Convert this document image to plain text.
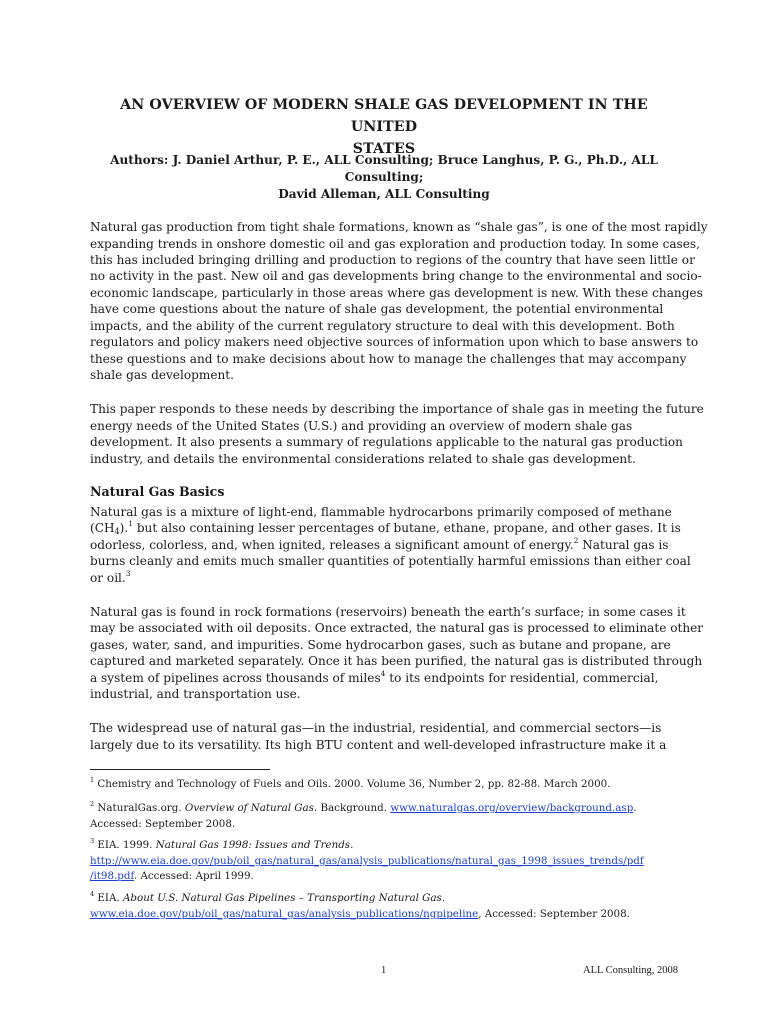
AN OVERVIEW OF MODERN SHALE GAS DEVELOPMENT IN THE UNITED
STATES
Authors: J. Daniel Arthur, P. E., ALL Consulting; Bruce Langhus, P. G., Ph.D., ALL Consulting;
David Alleman, ALL Consulting
Natural gas production from tight shale formations, known as “shale gas”, is one of the most rapidly
expanding trends in onshore domestic oil and gas exploration and production today. In some cases,
this has included bringing drilling and production to regions of the country that have seen little or
no activity in the past. New oil and gas developments bring change to the environmental and socio-
economic landscape, particularly in those areas where gas development is new. With these changes
have come questions about the nature of shale gas development, the potential environmental
impacts, and the ability of the current regulatory structure to deal with this development. Both
regulators and policy makers need objective sources of information upon which to base answers to
these questions and to make decisions about how to manage the challenges that may accompany
shale gas development.
This paper responds to these needs by describing the importance of shale gas in meeting the future
energy needs of the United States (U.S.) and providing an overview of modern shale gas
development. It also presents a summary of regulations applicable to the natural gas production
industry, and details the environmental considerations related to shale gas development.
Natural Gas Basics
Natural gas is a mixture of light-end, flammable hydrocarbons primarily composed of methane
$(CH_4).^1$ but also containing lesser percentages of butane, ethane, propane, and other gases. It is
odorless, colorless, and, when ignited, releases a significant amount of energy.$^2$ Natural gas is
burns cleanly and emits much smaller quantities of potentially harmful emissions than either coal
or oil.$^3$
Natural gas is found in rock formations (reservoirs) beneath the earth’s surface; in some cases it
may be associated with oil deposits. Once extracted, the natural gas is processed to eliminate other
gases, water, sand, and impurities. Some hydrocarbon gases, such as butane and propane, are
captured and marketed separately. Once it has been purified, the natural gas is distributed through
a system of pipelines across thousands of miles$^4$ to its endpoints for residential, commercial,
industrial, and transportation use.
The widespread use of natural gas—in the industrial, residential, and commercial sectors—is
largely due to its versatility. Its high BTU content and well-developed infrastructure make it a
$^1$ Chemistry and Technology of Fuels and Oils. 2000. Volume 36, Number 2, pp. 82-88. March 2000.
$^2$ NaturalGas.org. Overview of Natural Gas. Background. www.naturalgas.org/overview/background.asp.
Accessed: September 2008.
$^3$ EIA. 1999. Natural Gas 1998: Issues and Trends.
http://www.eia.doe.gov/pub/oil_gas/natural_gas/analysis_publications/natural_gas_1998_issues_trends/pdf
/it98.pdf. Accessed: April 1999.
$^4$ EIA. About U.S. Natural Gas Pipelines – Transporting Natural Gas.
www.eia.doe.gov/pub/oil_gas/natural_gas/analysis_publications/ngpipeline, Accessed: September 2008.
1	ALL Consulting, 2008
